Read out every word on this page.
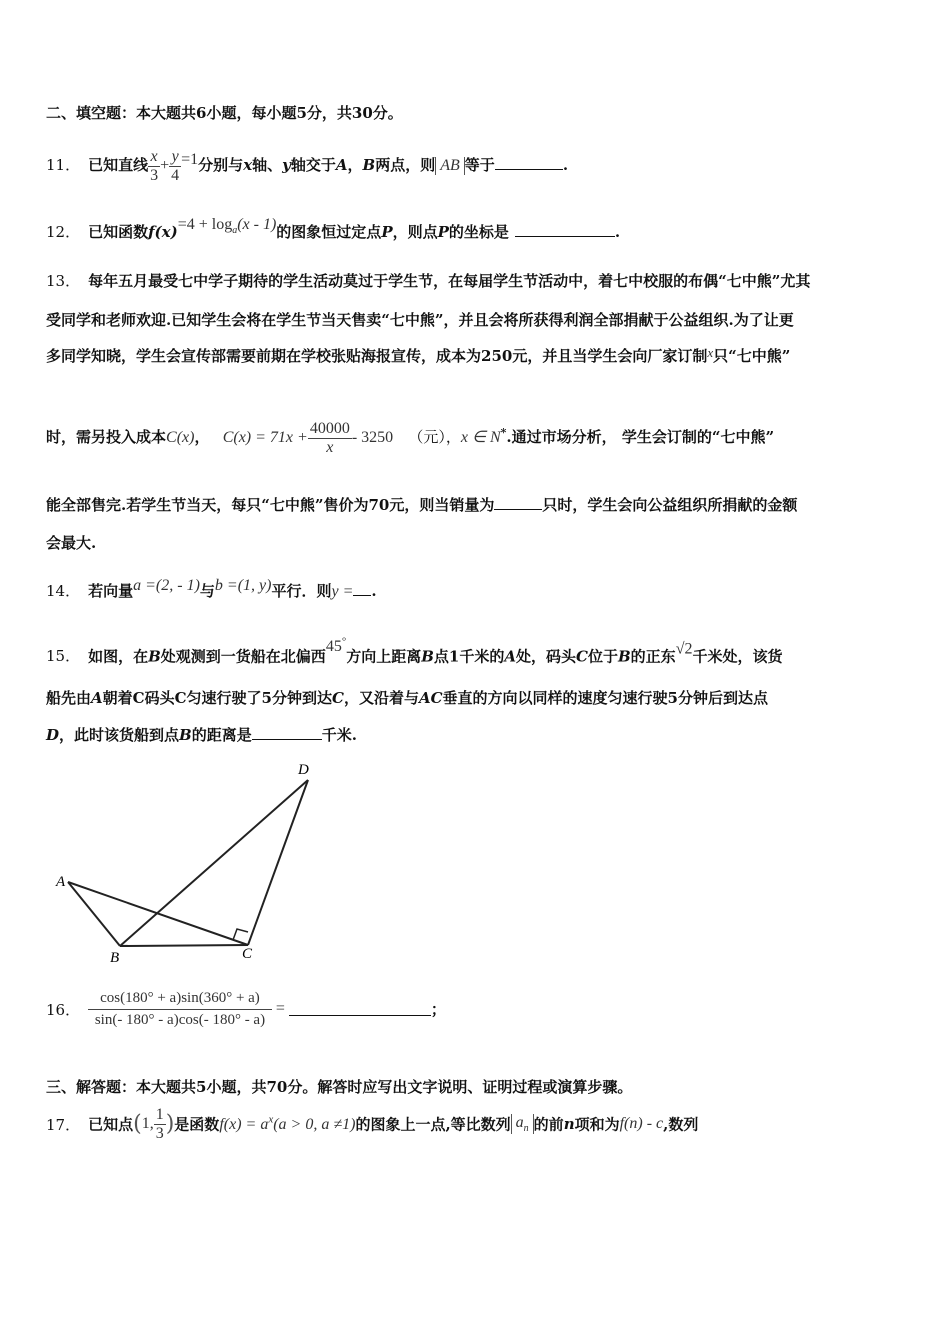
二、填空题：本大题共6小题，每小题5分，共30分。
11． 已知直线 $\frac{x}{3} + \frac{y}{4} =1$分别与x轴、y轴交于A，B两点，则 AB 等于	.
12． 已知函数$f(x)=4 + \log_a(x - 1)$的图象恒过定点P，则点P的坐标是	.
13． 每年五月最受七中学子期待的学生活动莫过于学生节，在每届学生节活动中，着七中校服的布偶“七中熊”尤其
受同学和老师欢迎.已知学生会将在学生节当天售卖“七中熊”，并且会将所获得利润全部捐献于公益组织.为了让更
多同学知晓，学生会宣传部需要前期在学校张贴海报宣传，成本为250元，并且当学生会向厂家订制x只“七中熊”
时，需另投入成本C(x)， $C(x) = 71x + \frac{40000}{x} - 3250$ （元），x ∈ N*.通过市场分析， 学生会订制的“七中熊”
能全部售完.若学生节当天，每只“七中熊”售价为70元，则当销量为	只时，学生会向公益组织所捐献的金额
会最大.
14． 若向量a =(2, - 1)与b =(1, y)平行．则y = .
15． 如图，在B处观测到一货船在北偏西45°方向上距离B点1千米的A处，码头C位于B的正东√2千米处，该货
船先由A朝着C码头C匀速行驶了5分钟到达C，又沿着与AC垂直的方向以同样的速度匀速行驶5分钟后到达点
D，此时该货船到点B的距离是	千米.
A
B	C
D
16． $\frac{\cos(180^\circ + a)\sin(360^\circ + a)}{\sin(- 180^\circ - a)\cos(- 180^\circ - a)}$ =	；
三、解答题：本大题共5小题，共70分。解答时应写出文字说明、证明过程或演算步骤。
17． 已知点(1, $\frac{1}{3}$ )是函数$f(x) = a^x(a > 0$, a ≠1)的图象上一点,等比数列 $a_n$ 的前n项和为f(n) - c,数列
